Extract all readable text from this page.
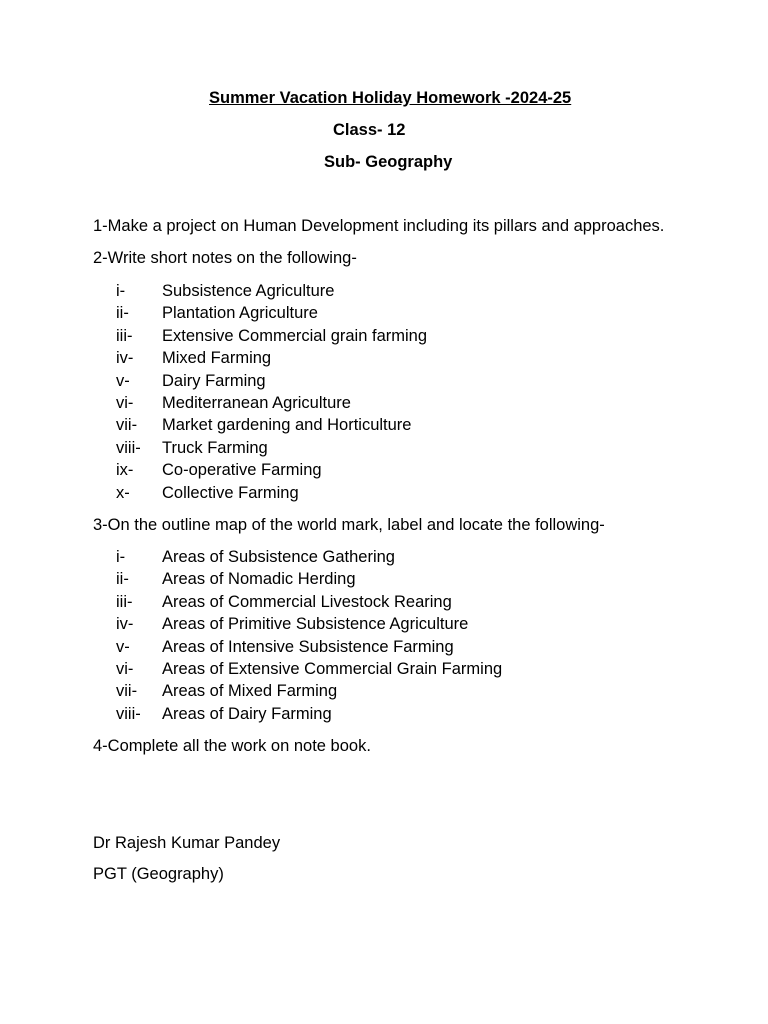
Summer Vacation Holiday Homework -2024-25
Class- 12
Sub- Geography
1-Make a project on Human Development including its pillars and approaches.
2-Write short notes on the following-
i- Subsistence Agriculture
ii- Plantation Agriculture
iii- Extensive Commercial grain farming
iv- Mixed Farming
v- Dairy Farming
vi- Mediterranean Agriculture
vii- Market gardening and Horticulture
viii- Truck Farming
ix- Co-operative Farming
x- Collective Farming
3-On the outline map of the world mark, label and locate the following-
i- Areas of Subsistence Gathering
ii- Areas of Nomadic Herding
iii- Areas of Commercial Livestock Rearing
iv- Areas of Primitive Subsistence Agriculture
v- Areas of Intensive Subsistence Farming
vi- Areas of Extensive Commercial Grain Farming
vii- Areas of Mixed Farming
viii- Areas of Dairy Farming
4-Complete all the work on note book.
Dr Rajesh Kumar Pandey
PGT (Geography)
